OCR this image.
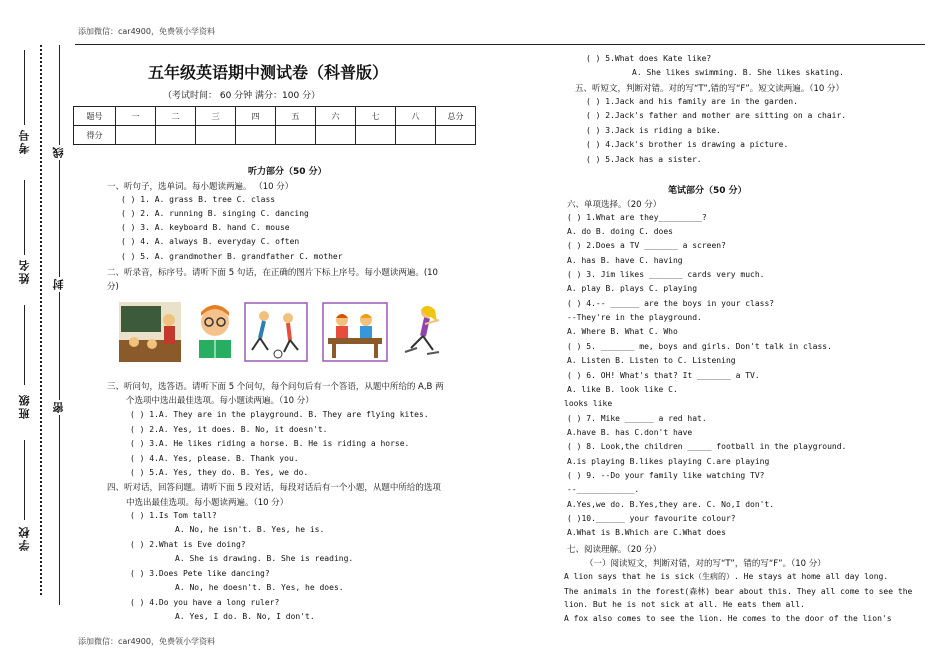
添加微信：car4900，免费领小学资料
添加微信：car4900，免费领小学资料
考号
姓名
班级
学校
线
封
密
五年级英语期中测试卷（科普版）
（考试时间： 60 分钟 满分：100 分）
题号	一	二	三	四	五	六	七	八	总分
得分									
听力部分（50 分）
一、听句子，选单词。每小题读两遍。 （10 分）
( ) 1. A. grass B. tree C. class
( ) 2. A. running B. singing C. dancing
( ) 3. A. keyboard B. hand C. mouse
( ) 4. A. always B. everyday C. often
( ) 5. A. grandmother B. grandfather C. mother
二、听录音，标序号。请听下面 5 句话，在正确的图片下标上序号。每小题读两遍。(10
分)
三、听问句，选答语。请听下面 5 个问句，每个问句后有一个答语，从题中所给的 A,B 两
个选项中选出最佳选项。每小题读两遍。（10 分）
( ) 1.A. They are in the playground. B. They are flying kites.
( ) 2.A. Yes, it does. B. No, it doesn't.
( ) 3.A. He likes riding a horse. B. He is riding a horse.
( ) 4.A. Yes, please. B. Thank you.
( ) 5.A. Yes, they do. B. Yes, we do.
四、听对话，回答问题。请听下面 5 段对话，每段对话后有一个小题，从题中所给的选项
中选出最佳选项。每小题读两遍。（10 分）
( ) 1.Is Tom tall?
A. No, he isn't. B. Yes, he is.
( ) 2.What is Eve doing?
A. She is drawing. B. She is reading.
( ) 3.Does Pete like dancing?
A. No, he doesn't. B. Yes, he does.
( ) 4.Do you have a long ruler?
A. Yes, I do. B. No, I don't.
( ) 5.What does Kate like?
A. She likes swimming. B. She likes skating.
五、听短文，判断对错。对的写“T”,错的写“F”。短文读两遍。（10 分）
( ) 1.Jack and his family are in the garden.
( ) 2.Jack's father and mother are sitting on a chair.
( ) 3.Jack is riding a bike.
( ) 4.Jack's brother is drawing a picture.
( ) 5.Jack has a sister.
笔试部分（50 分）
六、单项选择。（20 分）
( ) 1.What are they_________?
A. do B. doing C. does
( ) 2.Does a TV _______ a screen?
A. has B. have C. having
( ) 3. Jim likes _______ cards very much.
A. play B. plays C. playing
( ) 4.-- ______ are the boys in your class?
--They're in the playground.
A. Where B. What C. Who
( ) 5. _______ me, boys and girls. Don't talk in class.
A. Listen B. Listen to C. Listening
( ) 6. OH! What's that? It _______ a TV.
A. like B. look like C.
looks like
( ) 7. Mike ______ a red hat.
A.have B. has C.don't have
( ) 8. Look,the children _____ football in the playground.
A.is playing B.likes playing C.are playing
( ) 9. --Do your family like watching TV?
--____________.
A.Yes,we do. B.Yes,they are. C. No,I don't.
( )10.______ your favourite colour?
A.What is B.Which are C.What does
七、阅读理解。（20 分）
（一）阅读短文，判断对错，对的写“T”，错的写“F”。（10 分）
A lion says that he is sick（生病的）. He stays at home all day long.
The animals in the forest(森林) bear about this. They all come to see the
lion. But he is not sick at all. He eats them all.
A fox also comes to see the lion. He comes to the door of the lion's
